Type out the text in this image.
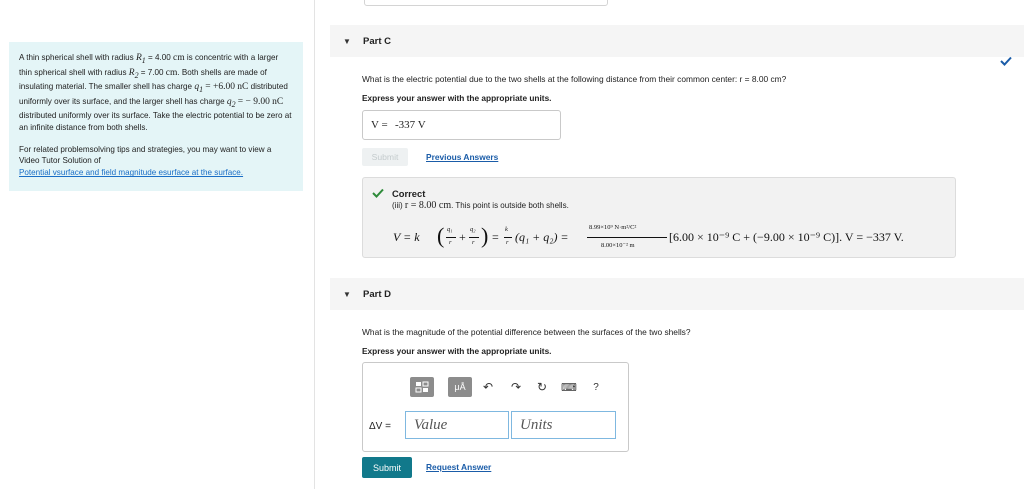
A thin spherical shell with radius $R_1 = 4.00$ cm is concentric with a larger thin spherical shell with radius $R_2 = 7.00$ cm. Both shells are made of insulating material. The smaller shell has charge $q_1 = +6.00$ nC distributed uniformly over its surface, and the larger shell has charge $q_2$ = − 9.00 nC distributed uniformly over its surface. Take the electric potential to be zero at an infinite distance from both shells.

For related problemsolving tips and strategies, you may want to view a Video Tutor Solution of
Potential vsurface and field magnitude esurface at the surface.

▼ Part C
What is the electric potential due to the two shells at the following distance from their common center: r = 8.00 cm?
Express your answer with the appropriate units.
V = -337 V
Submit	Previous Answers
Correct
(iii) r = 8.00 cm. This point is outside both shells.
V = k ( q₁
r +
q₂
r ) =
k
r (q₁ + q₂) =
8.99×10⁹ N·m²/C²
8.00×10⁻² m
[6.00 × 10⁻⁹ C + (−9.00 × 10⁻⁹ C)]. V = −337 V.
▼ Part D
What is the magnitude of the potential difference between the surfaces of the two shells?
Express your answer with the appropriate units.
μÅ	↶ ↷ ↻ ⌨	?
ΔV =	Value	Units
Submit	Request Answer
